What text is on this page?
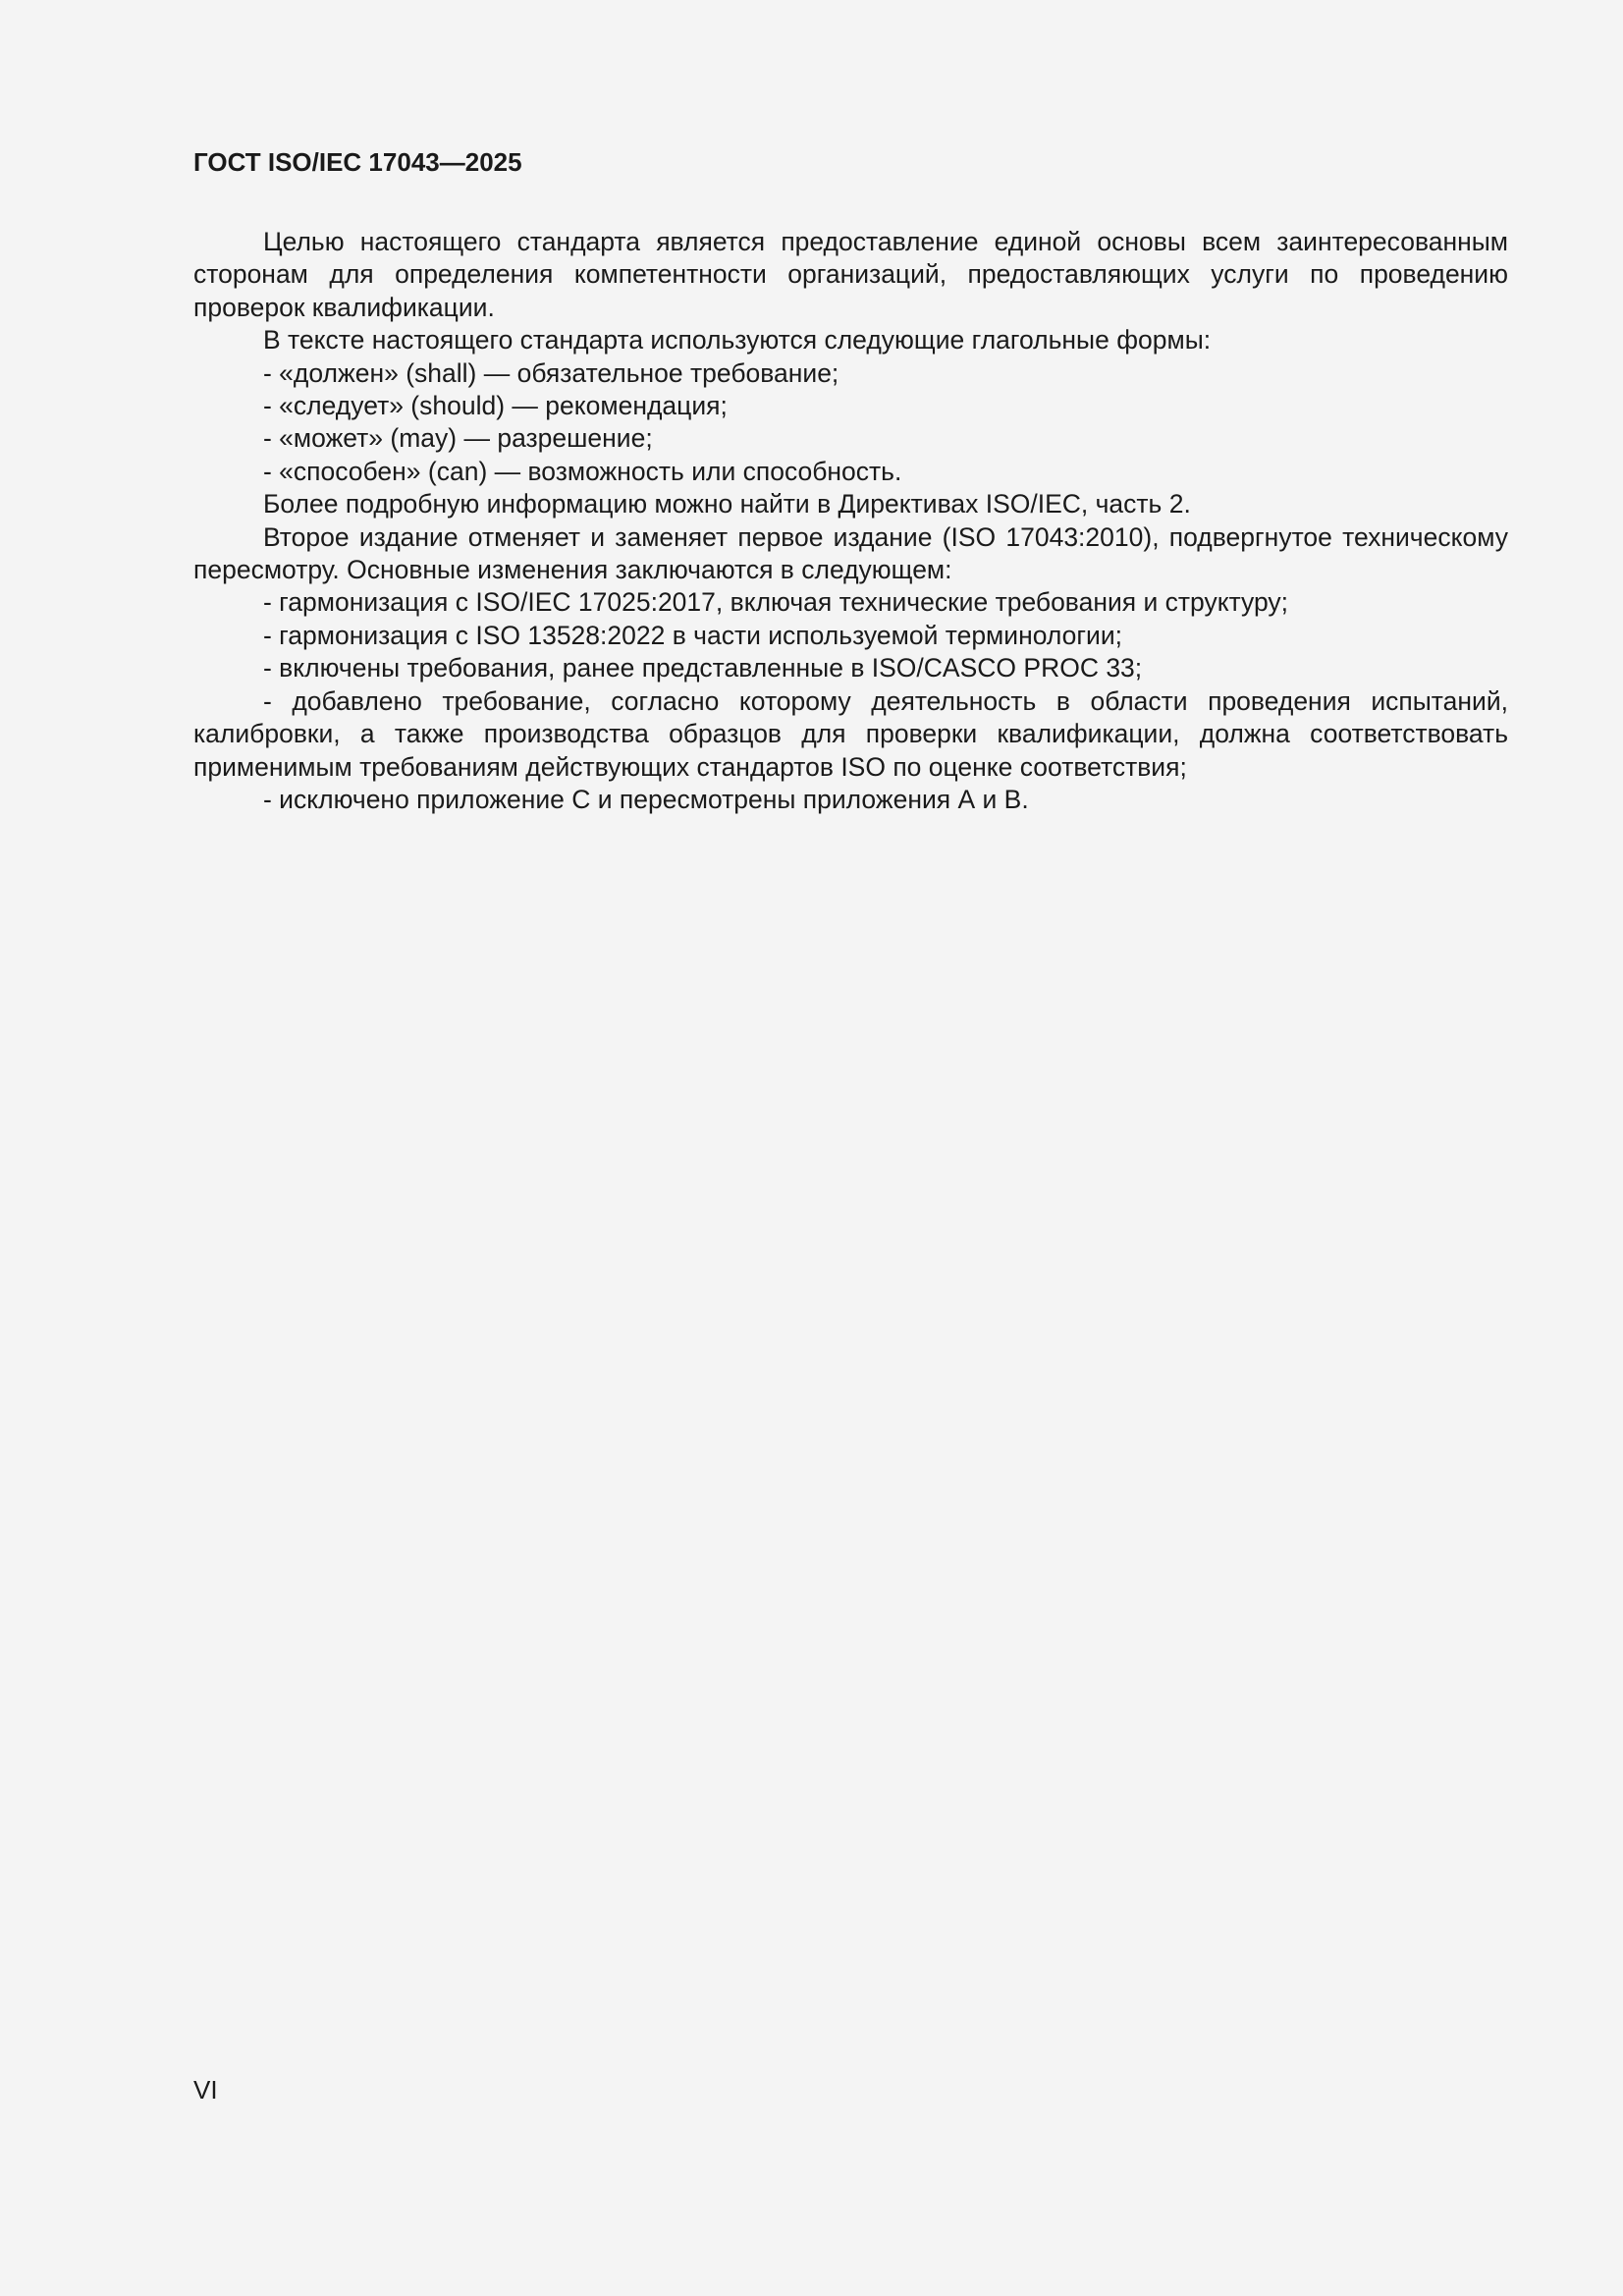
ГОСТ ISO/IEC 17043—2025

Целью настоящего стандарта является предоставление единой основы всем заинтересованным сторонам для определения компетентности организаций, предоставляющих услуги по проведению проверок квалификации.

В тексте настоящего стандарта используются следующие глагольные формы:

- «должен» (shall) — обязательное требование;

- «следует» (should) — рекомендация;

- «может» (may) — разрешение;

- «способен» (can) — возможность или способность.

Более подробную информацию можно найти в Директивах ISO/IEC, часть 2.

Второе издание отменяет и заменяет первое издание (ISO 17043:2010), подвергнутое техническому пересмотру. Основные изменения заключаются в следующем:

- гармонизация с ISO/IEC 17025:2017, включая технические требования и структуру;

- гармонизация с ISO 13528:2022 в части используемой терминологии;

- включены требования, ранее представленные в ISO/CASCO PROC 33;

- добавлено требование, согласно которому деятельность в области проведения испытаний, калибровки, а также производства образцов для проверки квалификации, должна соответствовать применимым требованиям действующих стандартов ISO по оценке соответствия;

- исключено приложение С и пересмотрены приложения А и В.

VI
